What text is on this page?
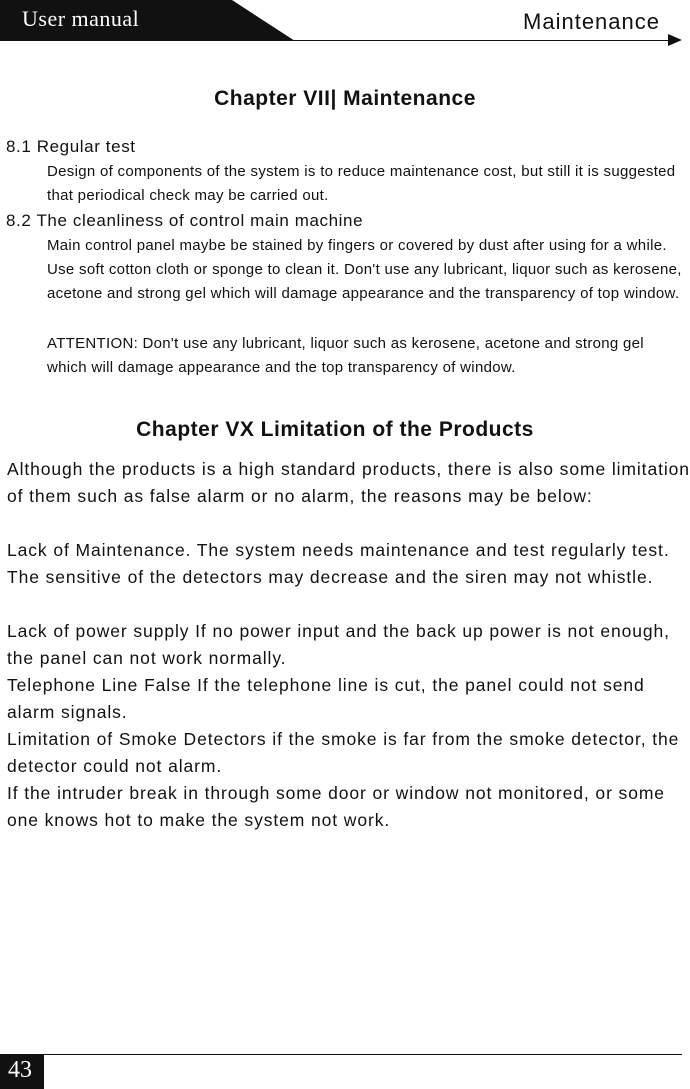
User manual	Maintenance
Chapter VII| Maintenance
8.1 Regular test
Design of components of the system is to reduce maintenance cost, but still it is suggested that periodical check may be carried out.
8.2 The cleanliness of control main machine
Main control panel maybe be stained by fingers or covered by dust after using for a while. Use soft cotton cloth or sponge to clean it. Don't use any lubricant, liquor such as kerosene, acetone and strong gel which will damage appearance and the transparency of top window.
ATTENTION: Don't use any lubricant, liquor such as kerosene, acetone and strong gel which will damage appearance and the top transparency of window.
Chapter VX Limitation of the Products
Although the products is a high standard products, there is also some limitation of them such as false alarm or no alarm, the reasons may be below:
Lack of Maintenance. The system needs maintenance and test regularly test. The sensitive of the detectors may decrease and the siren may not whistle.
Lack of power supply If no power input and the back up power is not enough, the panel can not work normally.
Telephone Line False If the telephone line is cut, the panel could not send alarm signals.
Limitation of Smoke Detectors if the smoke is far from the smoke detector, the detector could not alarm.
If the intruder break in through some door or window not monitored, or some one knows hot to make the system not work.
43
